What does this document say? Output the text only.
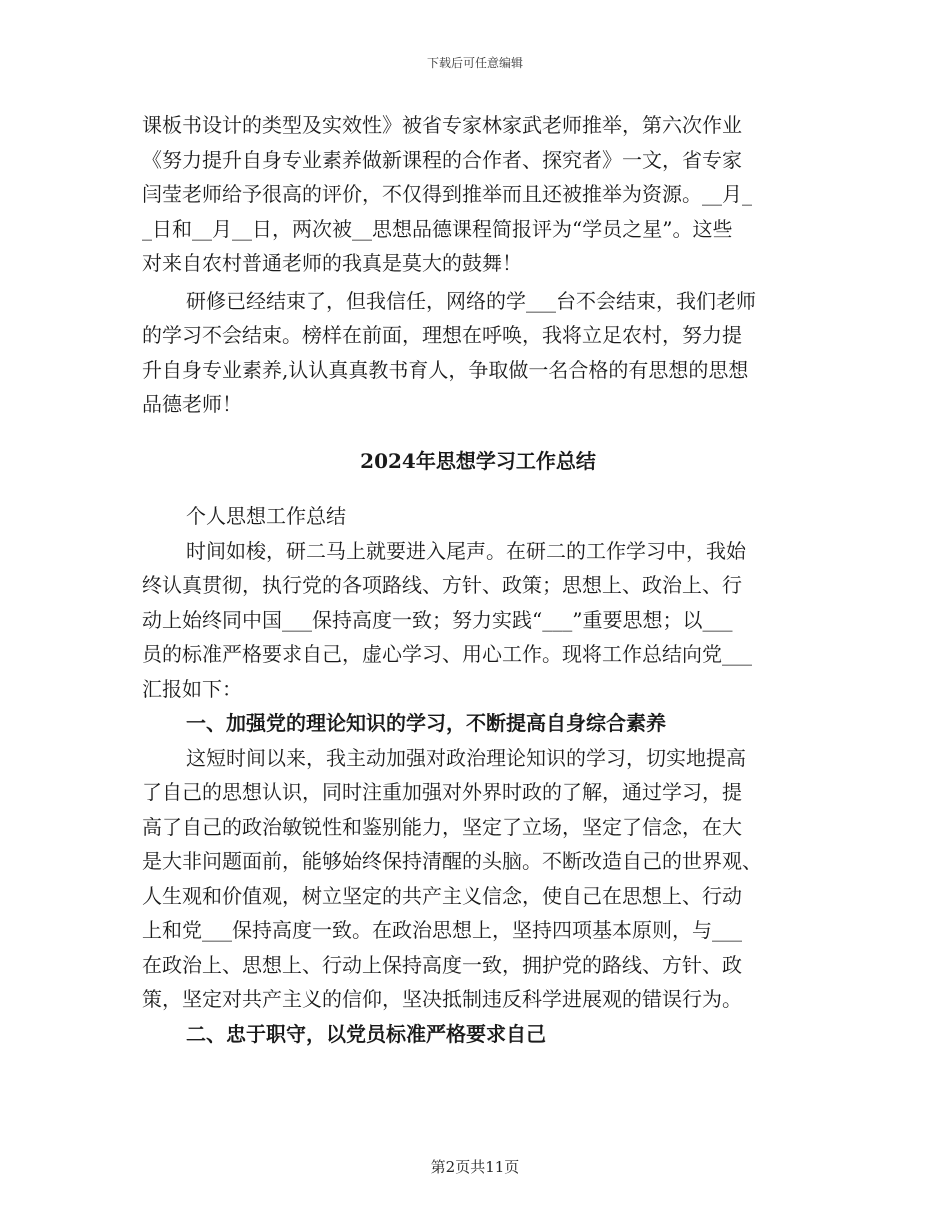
下载后可任意编辑
课板书设计的类型及实效性》被省专家林家武老师推举，第六次作业
《努力提升自身专业素养做新课程的合作者、探究者》一文，省专家
闫莹老师给予很高的评价，不仅得到推举而且还被推举为资源。__月_
_日和__月__日，两次被__思想品德课程简报评为“学员之星”。这些
对来自农村普通老师的我真是莫大的鼓舞！
研修已经结束了，但我信任，网络的学___台不会结束，我们老师
的学习不会结束。榜样在前面，理想在呼唤，我将立足农村，努力提
升自身专业素养,认认真真教书育人，争取做一名合格的有思想的思想
品德老师！
2024年思想学习工作总结
个人思想工作总结
时间如梭，研二马上就要进入尾声。在研二的工作学习中，我始
终认真贯彻，执行党的各项路线、方针、政策；思想上、政治上、行
动上始终同中国___保持高度一致；努力实践“___”重要思想；以___
员的标准严格要求自己，虚心学习、用心工作。现将工作总结向党___
汇报如下：
一、加强党的理论知识的学习，不断提高自身综合素养
这短时间以来，我主动加强对政治理论知识的学习，切实地提高
了自己的思想认识，同时注重加强对外界时政的了解，通过学习，提
高了自己的政治敏锐性和鉴别能力，坚定了立场，坚定了信念，在大
是大非问题面前，能够始终保持清醒的头脑。不断改造自己的世界观、
人生观和价值观，树立坚定的共产主义信念，使自己在思想上、行动
上和党___保持高度一致。在政治思想上，坚持四项基本原则，与___
在政治上、思想上、行动上保持高度一致，拥护党的路线、方针、政
策，坚定对共产主义的信仰，坚决抵制违反科学进展观的错误行为。
二、忠于职守，以党员标准严格要求自己
第2页共11页
